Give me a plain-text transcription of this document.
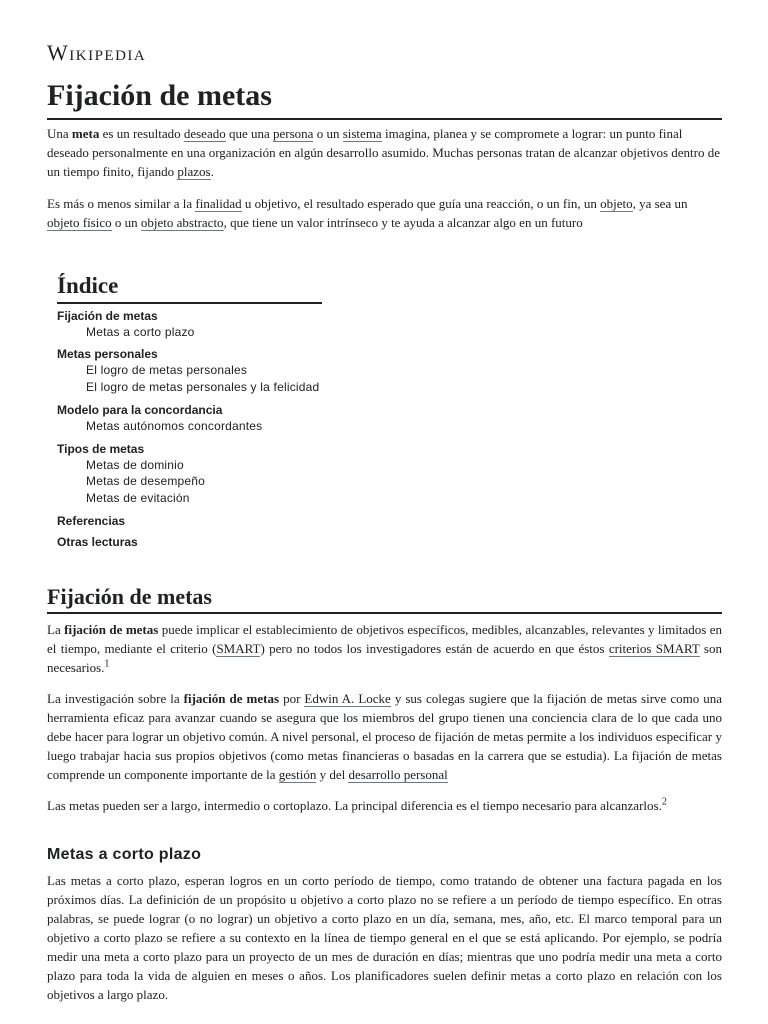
Wikipedia
Fijación de metas

Una meta es un resultado deseado que una persona o un sistema imagina, planea y se compromete a lograr: un punto final deseado personalmente en una organización en algún desarrollo asumido. Muchas personas tratan de alcanzar objetivos dentro de un tiempo finito, fijando plazos.

Es más o menos similar a la finalidad u objetivo, el resultado esperado que guía una reacción, o un fin, un objeto, ya sea un objeto físico o un objeto abstracto, que tiene un valor intrínseco y te ayuda a alcanzar algo en un futuro

Índice
Fijación de metas
Metas a corto plazo
Metas personales
El logro de metas personales
El logro de metas personales y la felicidad
Modelo para la concordancia
Metas autónomos concordantes
Tipos de metas
Metas de dominio
Metas de desempeño
Metas de evitación
Referencias
Otras lecturas
Fijación de metas

La fijación de metas puede implicar el establecimiento de objetivos específicos, medibles, alcanzables, relevantes y limitados en el tiempo, mediante el criterio (SMART) pero no todos los investigadores están de acuerdo en que éstos criterios SMART son necesarios.$^1$

La investigación sobre la fijación de metas por Edwin A. Locke y sus colegas sugiere que la fijación de metas sirve como una herramienta eficaz para avanzar cuando se asegura que los miembros del grupo tienen una conciencia clara de lo que cada uno debe hacer para lograr un objetivo común. A nivel personal, el proceso de fijación de metas permite a los individuos especificar y luego trabajar hacia sus propios objetivos (como metas financieras o basadas en la carrera que se estudia). La fijación de metas comprende un componente importante de la gestión y del desarrollo personal

Las metas pueden ser a largo, intermedio o cortoplazo. La principal diferencia es el tiempo necesario para alcanzarlos.$^2$

Metas a corto plazo

Las metas a corto plazo, esperan logros en un corto período de tiempo, como tratando de obtener una factura pagada en los próximos días. La definición de un propósito u objetivo a corto plazo no se refiere a un período de tiempo específico. En otras palabras, se puede lograr (o no lograr) un objetivo a corto plazo en un día, semana, mes, año, etc. El marco temporal para un objetivo a corto plazo se refiere a su contexto en la línea de tiempo general en el que se está aplicando. Por ejemplo, se podría medir una meta a corto plazo para un proyecto de un mes de duración en días; mientras que uno podría medir una meta a corto plazo para toda la vida de alguien en meses o años. Los planificadores suelen definir metas a corto plazo en relación con los objetivos a largo plazo.
